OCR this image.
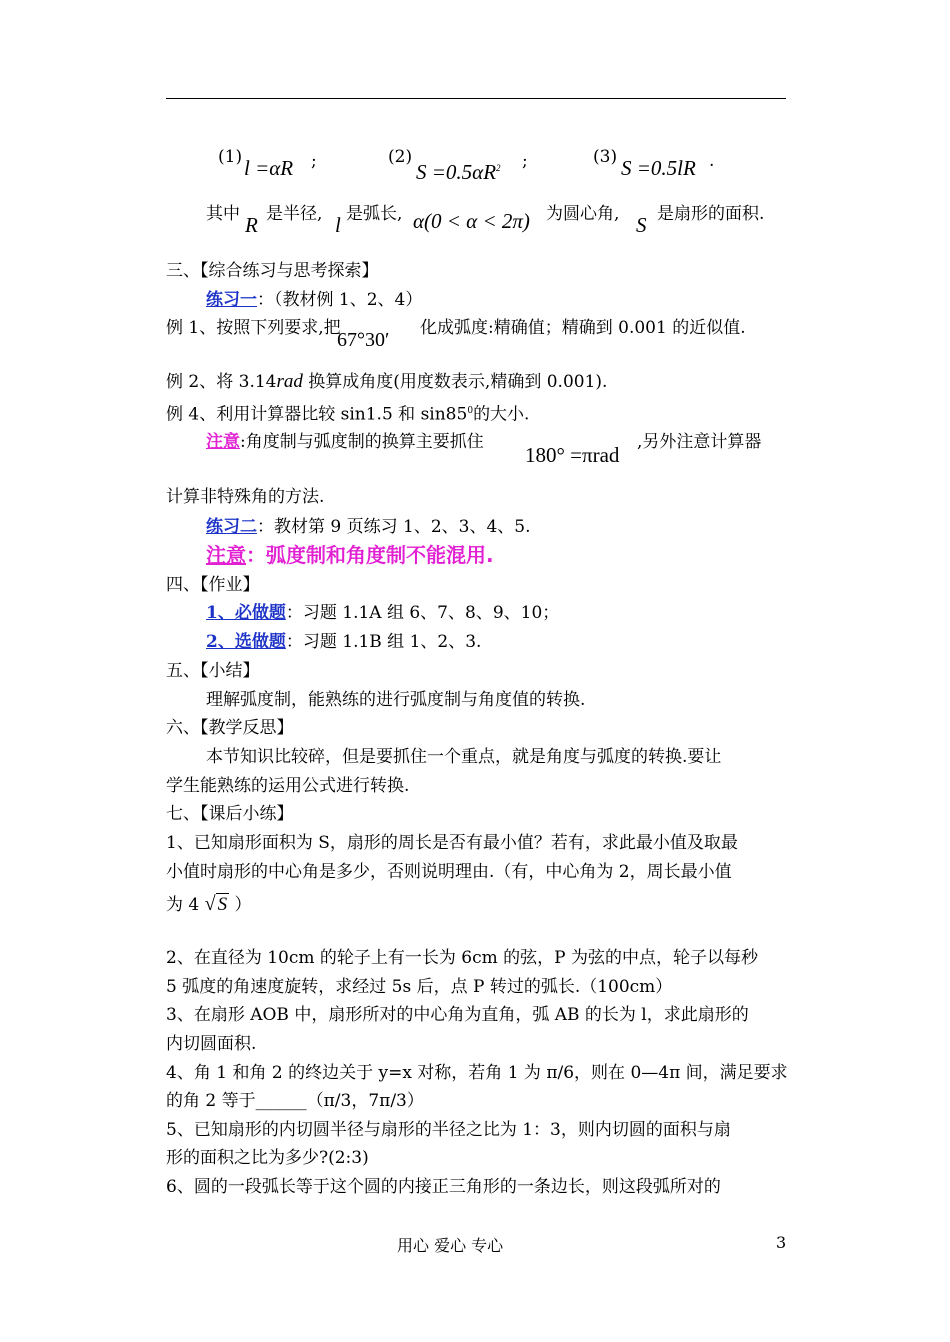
(1) l =αR ;	(2)
$S =0.5\alpha R^2$ ;	(3) S =0.5lR .
其中 R 是半径, l 是弧长, α(0 < α < 2π) 为圆心角, S 是扇形的面积.
三、【综合练习与思考探索】
练习一：（教材例 1、2、4）
例 1、按照下列要求,把
67°30′
化成弧度:精确值；精确到 0.001 的近似值.
例 2、将 3.14rad 换算成角度(用度数表示,精确到 0.001).
例 4、利用计算器比较 sin1.5 和 $\sin 85^0$的大小.
注意:角度制与弧度制的换算主要抓住
180° =πrad
,另外注意计算器
计算非特殊角的方法.
练习二：教材第 9 页练习 1、2、3、4、5.
注意：弧度制和角度制不能混用.
四、【作业】
1、必做题：习题 1.1A 组 6、7、8、9、10；
2、选做题：习题 1.1B 组 1、2、3.
五、【小结】
理解弧度制，能熟练的进行弧度制与角度值的转换.
六、【教学反思】
本节知识比较碎，但是要抓住一个重点，就是角度与弧度的转换.要让
学生能熟练的运用公式进行转换.
七、【课后小练】
1、已知扇形面积为 S，扇形的周长是否有最小值？若有，求此最小值及取最
小值时扇形的中心角是多少，否则说明理由.（有，中心角为 2，周长最小值
为 4 √ S ）
2、在直径为 10cm 的轮子上有一长为 6cm 的弦，P 为弦的中点，轮子以每秒
5 弧度的角速度旋转，求经过 5s 后，点 P 转过的弧长.（100cm）
3、在扇形 AOB 中，扇形所对的中心角为直角，弧 AB 的长为 l，求此扇形的
内切圆面积.
4、角 1 和角 2 的终边关于 y=x 对称，若角 1 为 π/6，则在 0—4π 间，满足要求
的角 2 等于______（π/3，7π/3）
5、已知扇形的内切圆半径与扇形的半径之比为 1：3，则内切圆的面积与扇
形的面积之比为多少?(2:3)
6、圆的一段弧长等于这个圆的内接正三角形的一条边长，则这段弧所对的
用心 爱心 专心	3
